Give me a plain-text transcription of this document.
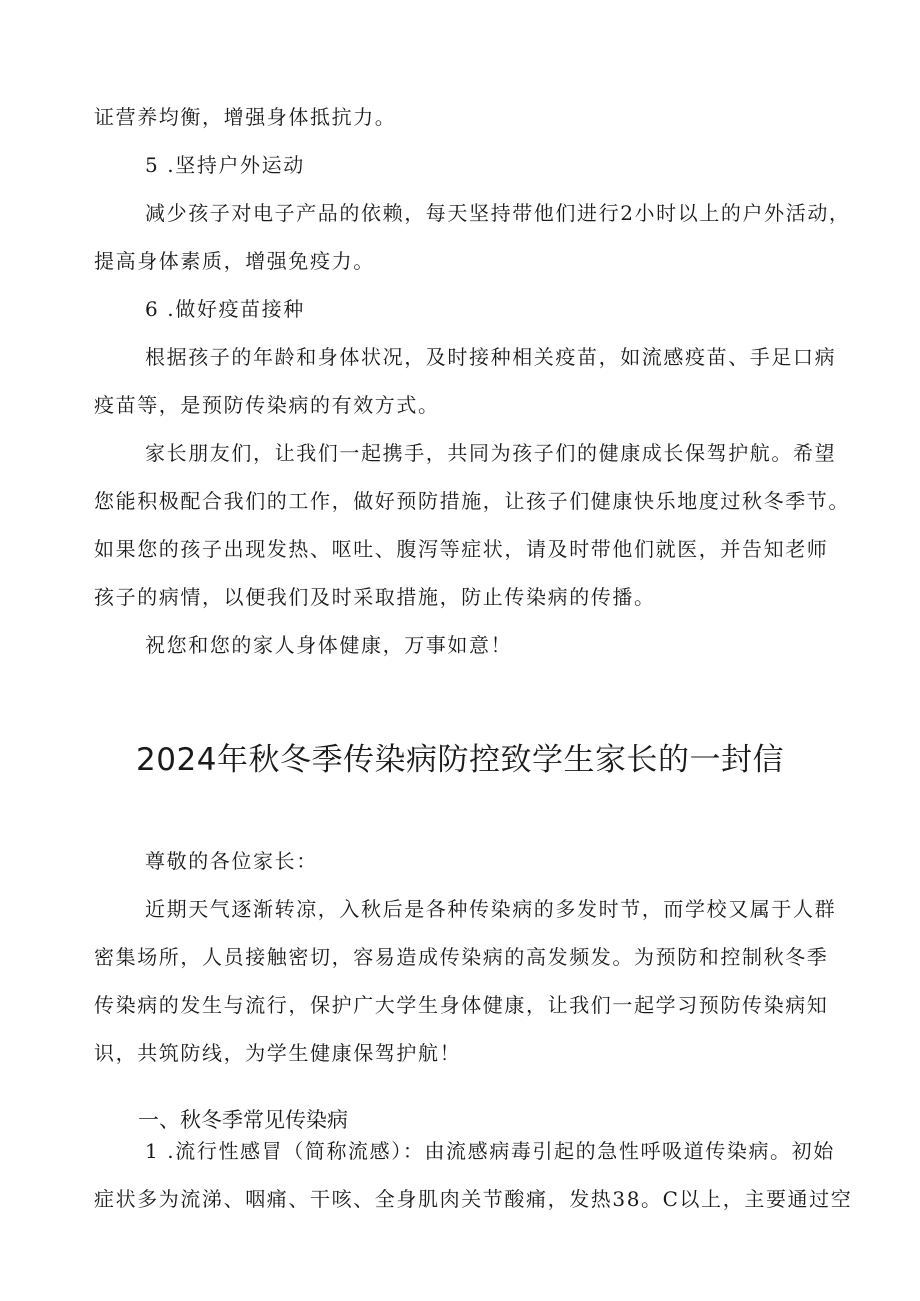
证营养均衡，增强身体抵抗力。
5 .坚持户外运动
减少孩子对电子产品的依赖，每天坚持带他们进行2小时以上的户外活动，
提高身体素质，增强免疫力。
6 .做好疫苗接种
根据孩子的年龄和身体状况，及时接种相关疫苗，如流感疫苗、手足口病
疫苗等，是预防传染病的有效方式。
家长朋友们，让我们一起携手，共同为孩子们的健康成长保驾护航。希望
您能积极配合我们的工作，做好预防措施，让孩子们健康快乐地度过秋冬季节。
如果您的孩子出现发热、呕吐、腹泻等症状，请及时带他们就医，并告知老师
孩子的病情，以便我们及时采取措施，防止传染病的传播。
祝您和您的家人身体健康，万事如意！
2024年秋冬季传染病防控致学生家长的一封信
尊敬的各位家长：
近期天气逐渐转凉，入秋后是各种传染病的多发时节，而学校又属于人群
密集场所，人员接触密切，容易造成传染病的高发频发。为预防和控制秋冬季
传染病的发生与流行，保护广大学生身体健康，让我们一起学习预防传染病知
识，共筑防线，为学生健康保驾护航！
一、秋冬季常见传染病
1 .流行性感冒（简称流感）：由流感病毒引起的急性呼吸道传染病。初始
症状多为流涕、咽痛、干咳、全身肌肉关节酸痛，发热38。C以上，主要通过空
